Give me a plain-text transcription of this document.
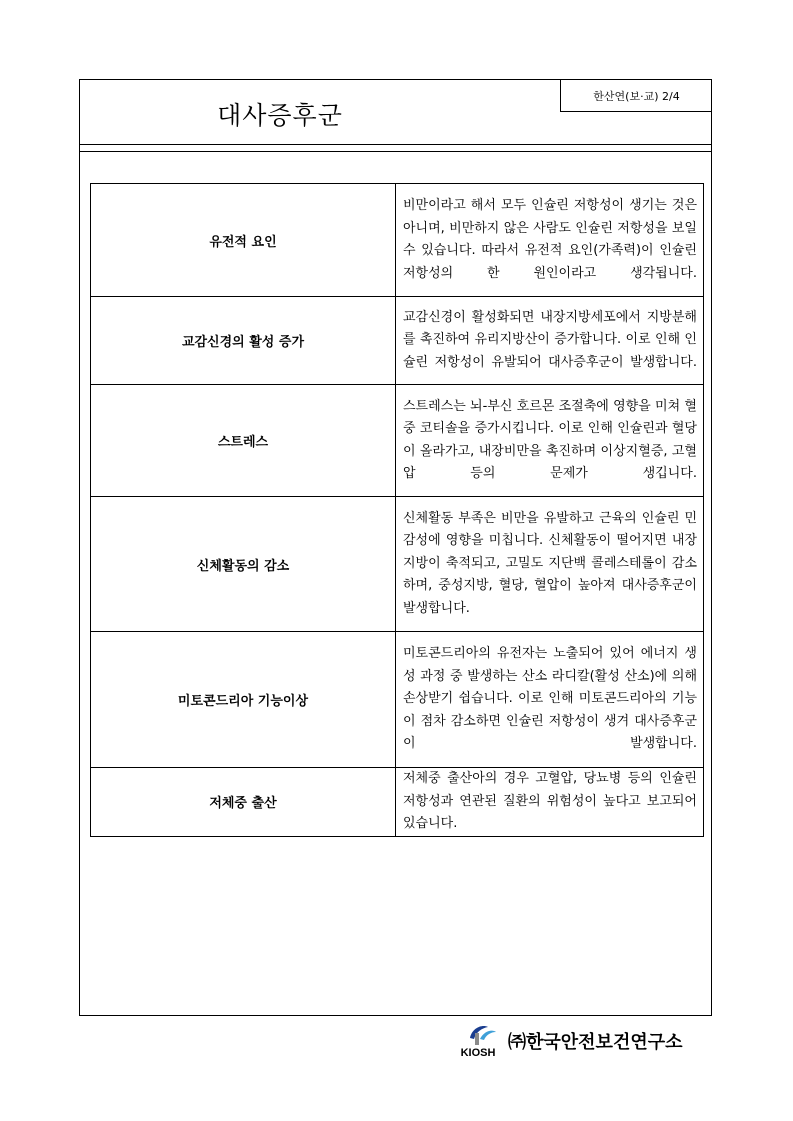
한산연(보·교) 2/4
대사증후군
유전적 요인	비만이라고 해서 모두 인슐린 저항성이 생기는 것은 아니며, 비만하지 않은 사람도 인슐린 저항성을 보일 수 있습니다. 따라서 유전적 요인(가족력)이 인슐린 저항성의 한 원인이라고 생각됩니다.
교감신경의 활성 증가	교감신경이 활성화되면 내장지방세포에서 지방분해를 촉진하여 유리지방산이 증가합니다. 이로 인해 인슐린 저항성이 유발되어 대사증후군이 발생합니다.
스트레스	스트레스는 뇌-부신 호르몬 조절축에 영향을 미쳐 혈중 코티솔을 증가시킵니다. 이로 인해 인슐린과 혈당이 올라가고, 내장비만을 촉진하며 이상지혈증, 고혈압 등의 문제가 생깁니다.
신체활동의 감소	신체활동 부족은 비만을 유발하고 근육의 인슐린 민감성에 영향을 미칩니다. 신체활동이 떨어지면 내장지방이 축적되고, 고밀도 지단백 콜레스테롤이 감소하며, 중성지방, 혈당, 혈압이 높아져 대사증후군이 발생합니다.
미토콘드리아 기능이상	미토콘드리아의 유전자는 노출되어 있어 에너지 생성 과정 중 발생하는 산소 라디칼(활성 산소)에 의해 손상받기 쉽습니다. 이로 인해 미토콘드리아의 기능이 점차 감소하면 인슐린 저항성이 생겨 대사증후군이 발생합니다.
저체중 출산	저체중 출산아의 경우 고혈압, 당뇨병 등의 인슐린 저항성과 연관된 질환의 위험성이 높다고 보고되어 있습니다.
KIOSH ㈜한국안전보건연구소
